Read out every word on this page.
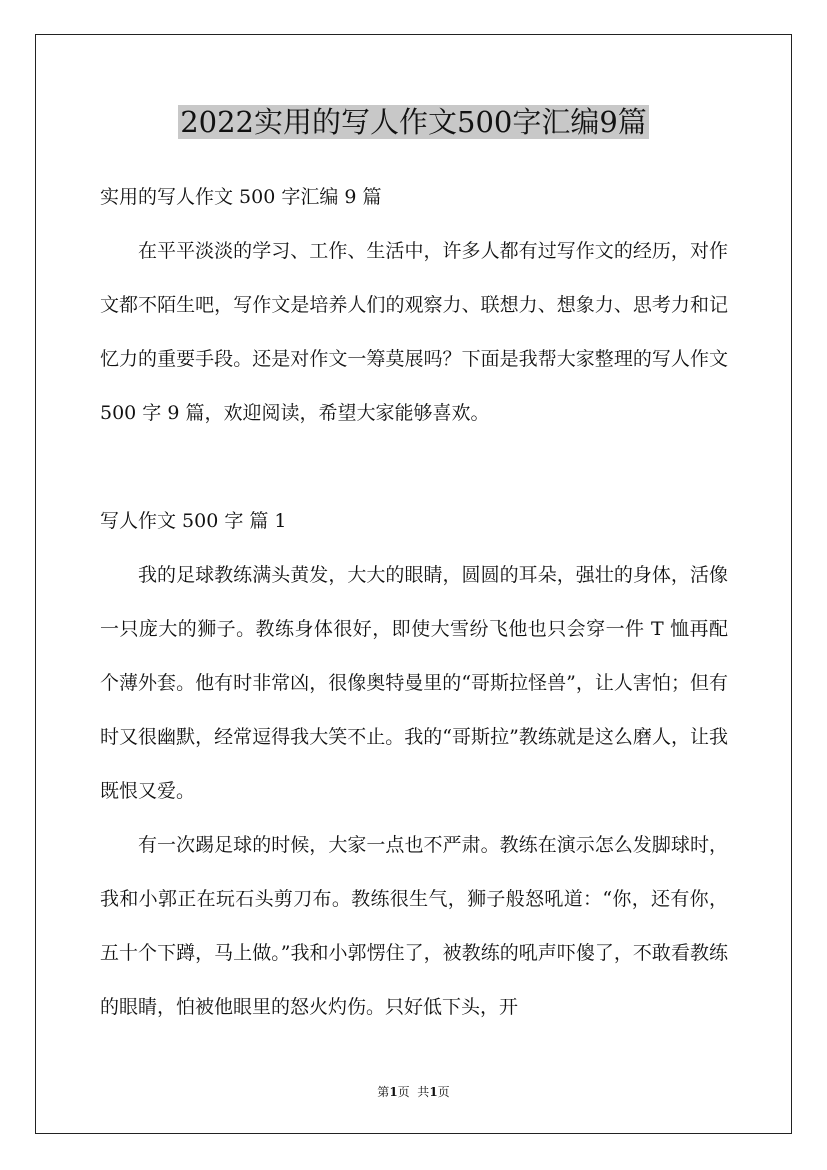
2022实用的写人作文500字汇编9篇

实用的写人作文 500 字汇编 9 篇

在平平淡淡的学习、工作、生活中，许多人都有过写作文的经历，对作文都不陌生吧，写作文是培养人们的观察力、联想力、想象力、思考力和记忆力的重要手段。还是对作文一筹莫展吗？下面是我帮大家整理的写人作文 500 字 9 篇，欢迎阅读，希望大家能够喜欢。

写人作文 500 字 篇 1

我的足球教练满头黄发，大大的眼睛，圆圆的耳朵，强壮的身体，活像一只庞大的狮子。教练身体很好，即使大雪纷飞他也只会穿一件 T 恤再配个薄外套。他有时非常凶，很像奥特曼里的“哥斯拉怪兽”，让人害怕；但有时又很幽默，经常逗得我大笑不止。我的“哥斯拉”教练就是这么磨人，让我既恨又爱。

有一次踢足球的时候，大家一点也不严肃。教练在演示怎么发脚球时，我和小郭正在玩石头剪刀布。教练很生气，狮子般怒吼道：“你，还有你，五十个下蹲，马上做。”我和小郭愣住了，被教练的吼声吓傻了，不敢看教练的眼睛，怕被他眼里的怒火灼伤。只好低下头，开

第1页  共1页
